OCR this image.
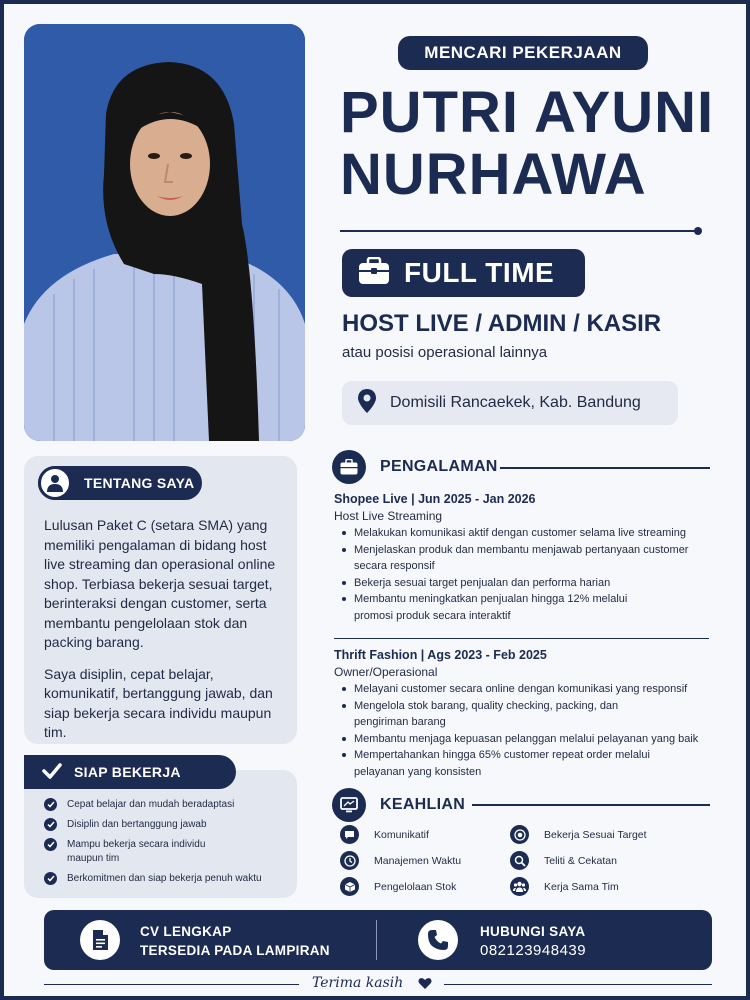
MENCARI PEKERJAAN
PUTRI AYUNI
NURHAWA
FULL TIME
HOST LIVE / ADMIN / KASIR
atau posisi operasional lainnya
Domisili Rancaekek, Kab. Bandung
TENTANG SAYA

Lulusan Paket C (setara SMA) yang memiliki pengalaman di bidang host live streaming dan operasional online shop. Terbiasa bekerja sesuai target, berinteraksi dengan customer, serta membantu pengelolaan stok dan packing barang.

Saya disiplin, cepat belajar, komunikatif, bertanggung jawab, dan siap bekerja secara individu maupun tim.

SIAP BEKERJA
Cepat belajar dan mudah beradaptasi
Disiplin dan bertanggung jawab
Mampu bekerja secara individu maupun tim
Berkomitmen dan siap bekerja penuh waktu
PENGALAMAN
Shopee Live | Jun 2025 - Jan 2026
Host Live Streaming
Melakukan komunikasi aktif dengan customer selama live streaming
Menjelaskan produk dan membantu menjawab pertanyaan customer secara responsif
Bekerja sesuai target penjualan dan performa harian
Membantu meningkatkan penjualan hingga 12% melalui promosi produk secara interaktif
Thrift Fashion | Ags 2023 - Feb 2025
Owner/Operasional
Melayani customer secara online dengan komunikasi yang responsif
Mengelola stok barang, quality checking, packing, dan pengiriman barang
Membantu menjaga kepuasan pelanggan melalui pelayanan yang baik
Mempertahankan hingga 65% customer repeat order melalui pelayanan yang konsisten
KEAHLIAN
Komunikatif	Bekerja Sesuai Target
Manajemen Waktu	Teliti & Cekatan
Pengelolaan Stok	Kerja Sama Tim
CV LENGKAP
TERSEDIA PADA LAMPIRAN
HUBUNGI SAYA
082123948439
Terima kasih
